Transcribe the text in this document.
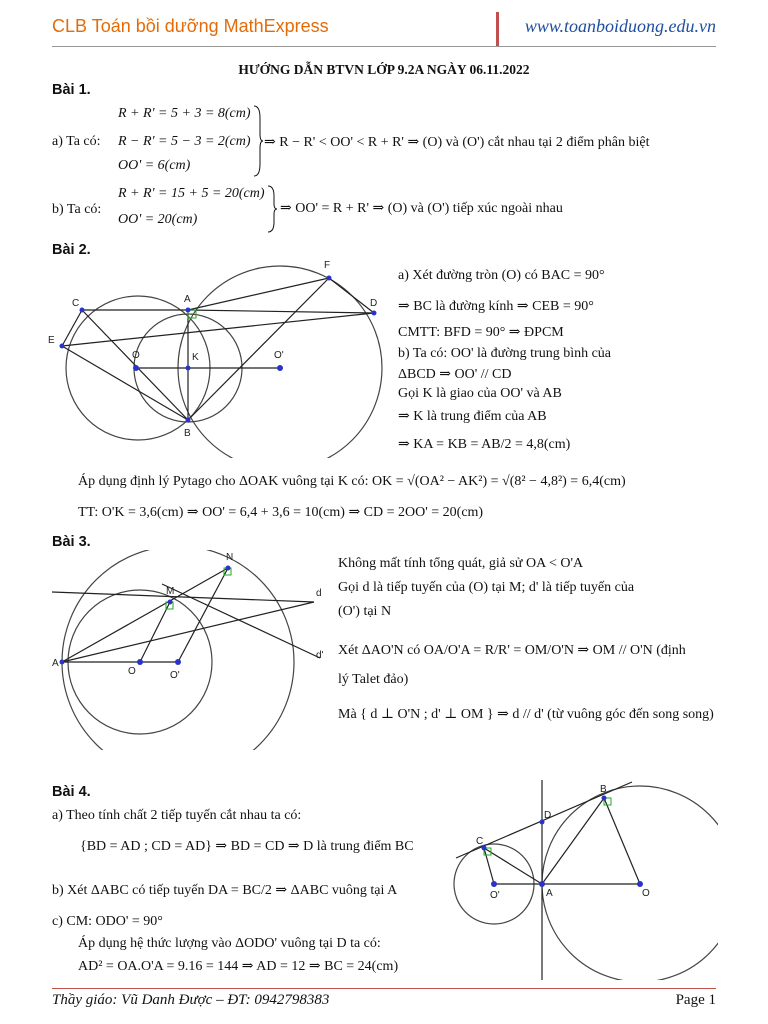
CLB Toán bồi dưỡng MathExpress	www.toanboiduong.edu.vn
HƯỚNG DẪN BTVN LỚP 9.2A NGÀY 06.11.2022
Bài 1.
a) Ta có:
R + R' = 5 + 3 = 8(cm)
R − R' = 5 − 3 = 2(cm)
OO' = 6(cm)
⇒ R − R' < OO' < R + R' ⇒ (O) và (O') cắt nhau tại 2 điểm phân biệt
b) Ta có:
R + R' = 15 + 5 = 20(cm)
OO' = 20(cm)
⇒ OO' = R + R' ⇒ (O) và (O') tiếp xúc ngoài nhau
Bài 2.
F
C	A	D
E
O	K	O'
B
a) Xét đường tròn (O) có BAC = 90°
⇒ BC là đường kính ⇒ CEB = 90°
CMTT: BFD = 90° ⇒ ĐPCM
b) Ta có: OO' là đường trung bình của
ΔBCD ⇒ OO' // CD
Gọi K là giao của OO' và AB
⇒ K là trung điểm của AB
⇒ KA = KB = AB/2 = 4,8(cm)
Áp dụng định lý Pytago cho ΔOAK vuông tại K có: OK = √(OA² − AK²) = √(8² − 4,8²) = 6,4(cm)
TT: O'K = 3,6(cm) ⇒ OO' = 6,4 + 3,6 = 10(cm) ⇒ CD = 2OO' = 20(cm)
Bài 3.
N
M	d
d'
A
O	O'
Không mất tính tổng quát, giả sử OA < O'A
Gọi d là tiếp tuyến của (O) tại M; d' là tiếp tuyến của
(O') tại N
Xét ΔAO'N có OA/O'A = R/R' = OM/O'N ⇒ OM // O'N (định
lý Talet đảo)
Mà { d ⊥ O'N ; d' ⊥ OM } ⇒ d // d' (từ vuông góc đến song song)
Bài 4.
a) Theo tính chất 2 tiếp tuyến cắt nhau ta có:
{BD = AD ; CD = AD} ⇒ BD = CD ⇒ D là trung điểm BC
b) Xét ΔABC có tiếp tuyến DA = BC/2 ⇒ ΔABC vuông tại A
c) CM: ODO' = 90°
Áp dụng hệ thức lượng vào ΔODO' vuông tại D ta có:
AD² = OA.O'A = 9.16 = 144 ⇒ AD = 12 ⇒ BC = 24(cm)
B
D
C
O'	A	O
Thầy giáo: Vũ Danh Được – ĐT: 0942798383	Page 1
